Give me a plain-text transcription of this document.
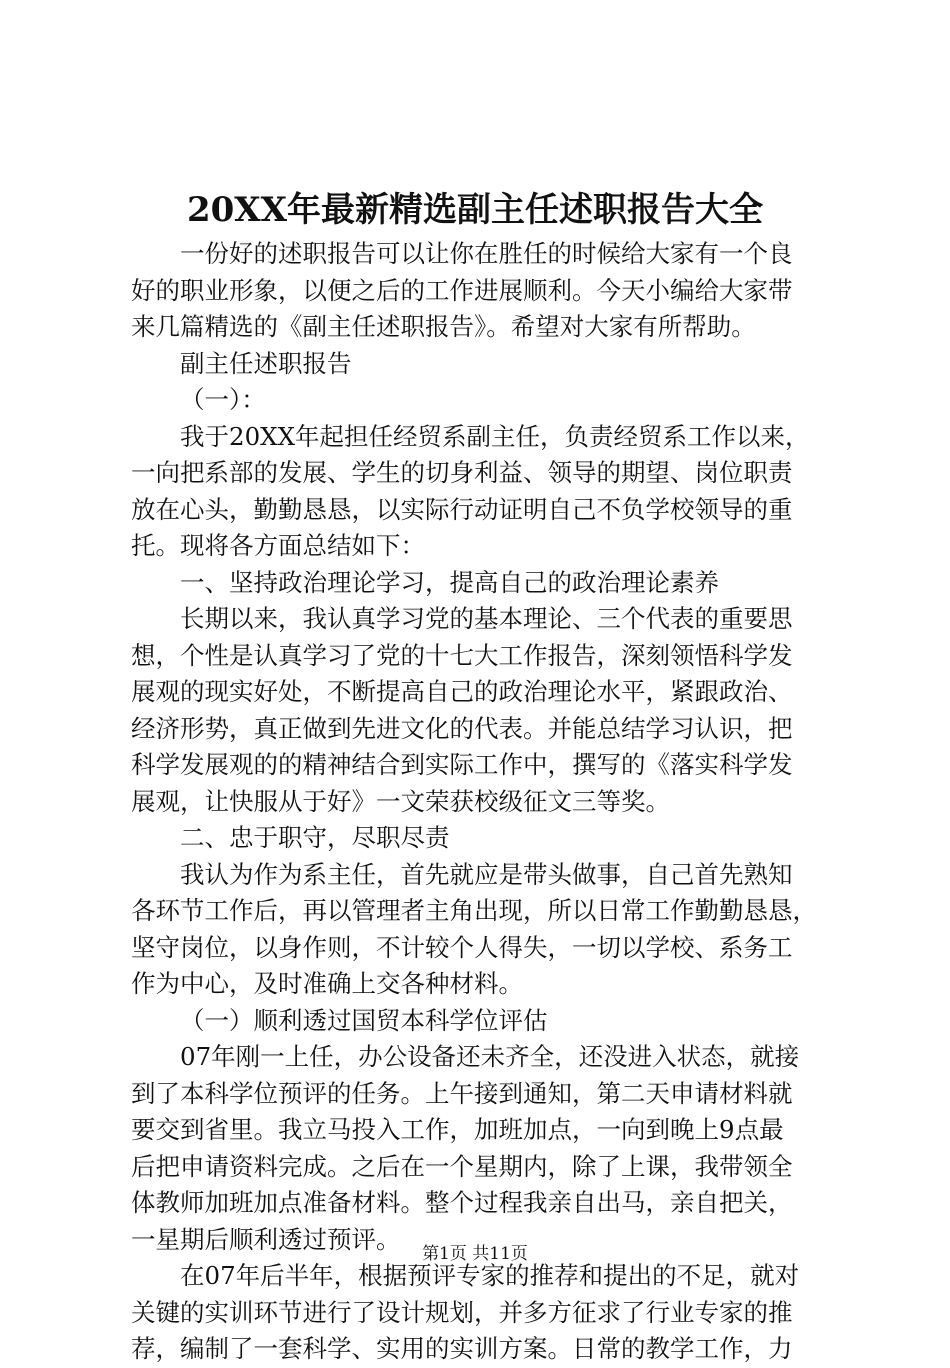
20XX年最新精选副主任述职报告大全
一份好的述职报告可以让你在胜任的时候给大家有一个良
好的职业形象，以便之后的工作进展顺利。今天小编给大家带
来几篇精选的《副主任述职报告》。希望对大家有所帮助。
副主任述职报告
（一）：
我于20XX年起担任经贸系副主任，负责经贸系工作以来，
一向把系部的发展、学生的切身利益、领导的期望、岗位职责
放在心头，勤勤恳恳，以实际行动证明自己不负学校领导的重
托。现将各方面总结如下：
一、坚持政治理论学习，提高自己的政治理论素养
长期以来，我认真学习党的基本理论、三个代表的重要思
想，个性是认真学习了党的十七大工作报告，深刻领悟科学发
展观的现实好处，不断提高自己的政治理论水平，紧跟政治、
经济形势，真正做到先进文化的代表。并能总结学习认识，把
科学发展观的的精神结合到实际工作中，撰写的《落实科学发
展观，让快服从于好》一文荣获校级征文三等奖。
二、忠于职守，尽职尽责
我认为作为系主任，首先就应是带头做事，自己首先熟知
各环节工作后，再以管理者主角出现，所以日常工作勤勤恳恳，
坚守岗位，以身作则，不计较个人得失，一切以学校、系务工
作为中心，及时准确上交各种材料。
（一）顺利透过国贸本科学位评估
07年刚一上任，办公设备还未齐全，还没进入状态，就接
到了本科学位预评的任务。上午接到通知，第二天申请材料就
要交到省里。我立马投入工作，加班加点，一向到晚上9点最
后把申请资料完成。之后在一个星期内，除了上课，我带领全
体教师加班加点准备材料。整个过程我亲自出马，亲自把关，
一星期后顺利透过预评。
在07年后半年，根据预评专家的推荐和提出的不足，就对
关键的实训环节进行了设计规划，并多方征求了行业专家的推
荐，编制了一套科学、实用的实训方案。日常的教学工作，力
第1页 共11页
